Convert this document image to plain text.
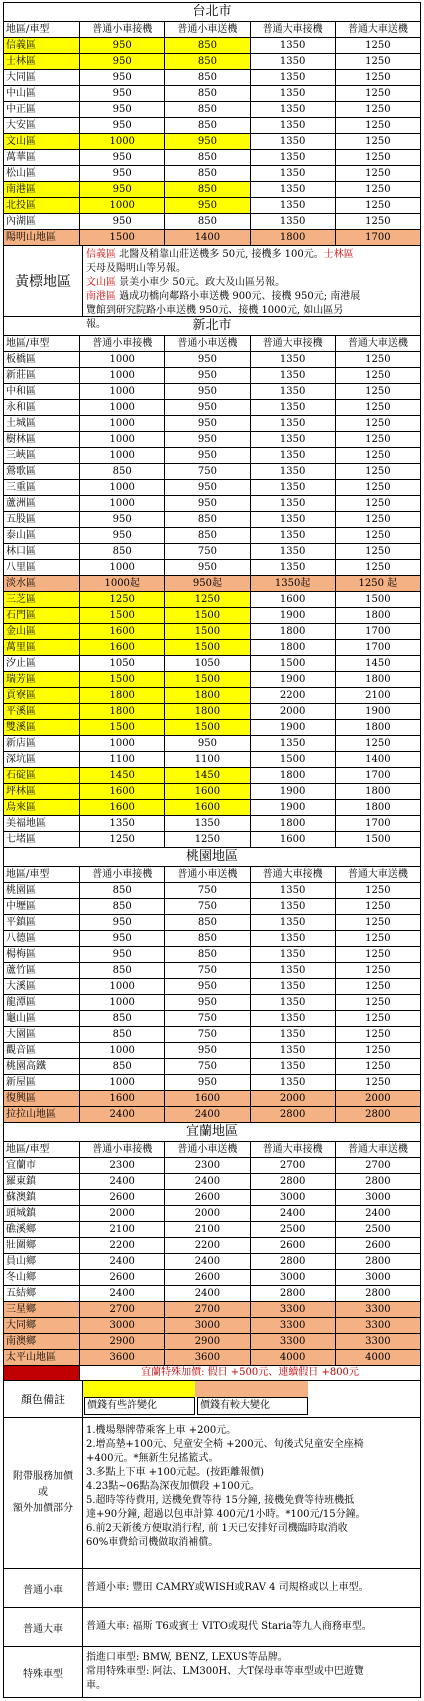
台北市
地區/車型	普通小車接機	普通小車送機	普通大車接機	普通大車送機
信義區	950	850	1350	1250
士林區	950	850	1350	1250
大同區	950	850	1350	1250
中山區	950	850	1350	1250
中正區	950	850	1350	1250
大安區	950	850	1350	1250
文山區	1000	950	1350	1250
萬華區	950	850	1350	1250
松山區	950	850	1350	1250
南港區	950	850	1350	1250
北投區	1000	950	1350	1250
內湖區	950	850	1350	1250
陽明山地區	1500	1400	1800	1700
黃標地區
信義區 北醫及稍靠山莊送機多 50元, 接機多 100元。士林區
天母及陽明山等另報。
文山區 景美小車少 50元。政大及山區另報。
南港區 過成功橋向鄰路小車送機 900元、接機 950元; 南港展
覽館到研究院路小車送機 950元、接機 1000元, 如山區另
報。	新北市
地區/車型	普通小車接機	普通小車送機	普通大車接機	普通大車送機
板橋區	1000	950	1350	1250
新莊區	1000	950	1350	1250
中和區	1000	950	1350	1250
永和區	1000	950	1350	1250
土城區	1000	950	1350	1250
樹林區	1000	950	1350	1250
三峽區	1000	950	1350	1250
鶯歌區	850	750	1350	1250
三重區	1000	950	1350	1250
蘆洲區	1000	950	1350	1250
五股區	950	850	1350	1250
泰山區	950	850	1350	1250
林口區	850	750	1350	1250
八里區	1000	950	1350	1250
淡水區	1000起	950起	1350起	1250 起
三芝區	1250	1250	1600	1500
石門區	1500	1500	1900	1800
金山區	1600	1500	1800	1700
萬里區	1600	1500	1800	1700
汐止區	1050	1050	1500	1450
瑞芳區	1500	1500	1900	1800
貢寮區	1800	1800	2200	2100
平溪區	1800	1800	2000	1900
雙溪區	1500	1500	1900	1800
新店區	1000	950	1350	1250
深坑區	1100	1100	1500	1400
石碇區	1450	1450	1800	1700
坪林區	1600	1600	1900	1800
烏來區	1600	1600	1900	1800
美福地區	1350	1350	1800	1700
七堵區	1250	1250	1600	1500
桃園地區
地區/車型	普通小車接機	普通小車送機	普通大車接機	普通大車送機
桃園區	850	750	1350	1250
中壢區	850	750	1350	1250
平鎮區	950	850	1350	1250
八德區	950	850	1350	1250
楊梅區	950	850	1350	1250
蘆竹區	850	750	1350	1250
大溪區	1000	950	1350	1250
龍潭區	1000	950	1350	1250
龜山區	850	750	1350	1250
大園區	850	750	1350	1250
觀音區	1000	950	1350	1250
桃園高鐵	850	750	1350	1250
新屋區	1000	950	1350	1250
復興區	1600	1600	2000	2000
拉拉山地區	2400	2400	2800	2800
宜蘭地區
地區/車型	普通小車接機	普通小車送機	普通大車接機	普通大車送機
宜蘭市	2300	2300	2700	2700
羅東鎮	2400	2400	2800	2800
蘇澳鎮	2600	2600	3000	3000
頭城鎮	2000	2000	2400	2400
礁溪鄉	2100	2100	2500	2500
壯圍鄉	2200	2200	2600	2600
員山鄉	2400	2400	2800	2800
冬山鄉	2600	2600	3000	3000
五結鄉	2400	2400	2800	2800
三星鄉	2700	2700	3300	3300
大同鄉	3000	3000	3300	3300
南澳鄉	2900	2900	3300	3300
太平山地區	3600	3600	4000	4000
宜蘭特殊加價: 假日 +500元、連續假日 +800元
顏色備註	價錢有些許變化	價錢有較大變化
附帶服務加價
或
額外加價部分
1.機場舉牌帶乘客上車 +200元。
2.增高墊+100元、兒童安全椅 +200元、旬後式兒童安全座椅
+400元。*無新生兒搖籃式。
3.多點上下車 +100元起。(按距離報價)
4.23點~06點為深夜加價段 +100元。
5.超時等待費用, 送機免費等待 15分鐘, 接機免費等待班機抵
達+90分鐘, 超過以包車計算 400元/1小時。*100元/15分鐘。
6.前2天新後方便取消行程, 前 1天已安排好司機臨時取消收
60%車費給司機做取消補償。
普通小車	普通小車: 豐田 CAMRY或WISH或RAV 4 司規格或以上車型。
普通大車	普通大車: 福斯 T6或賓士 VITO或現代 Staria等九人商務車型。
特殊車型
指進口車型: BMW, BENZ, LEXUS等品牌。
常用特殊車型: 阿法、LM300H、大T保母車等車型或中巴遊覽
車。
